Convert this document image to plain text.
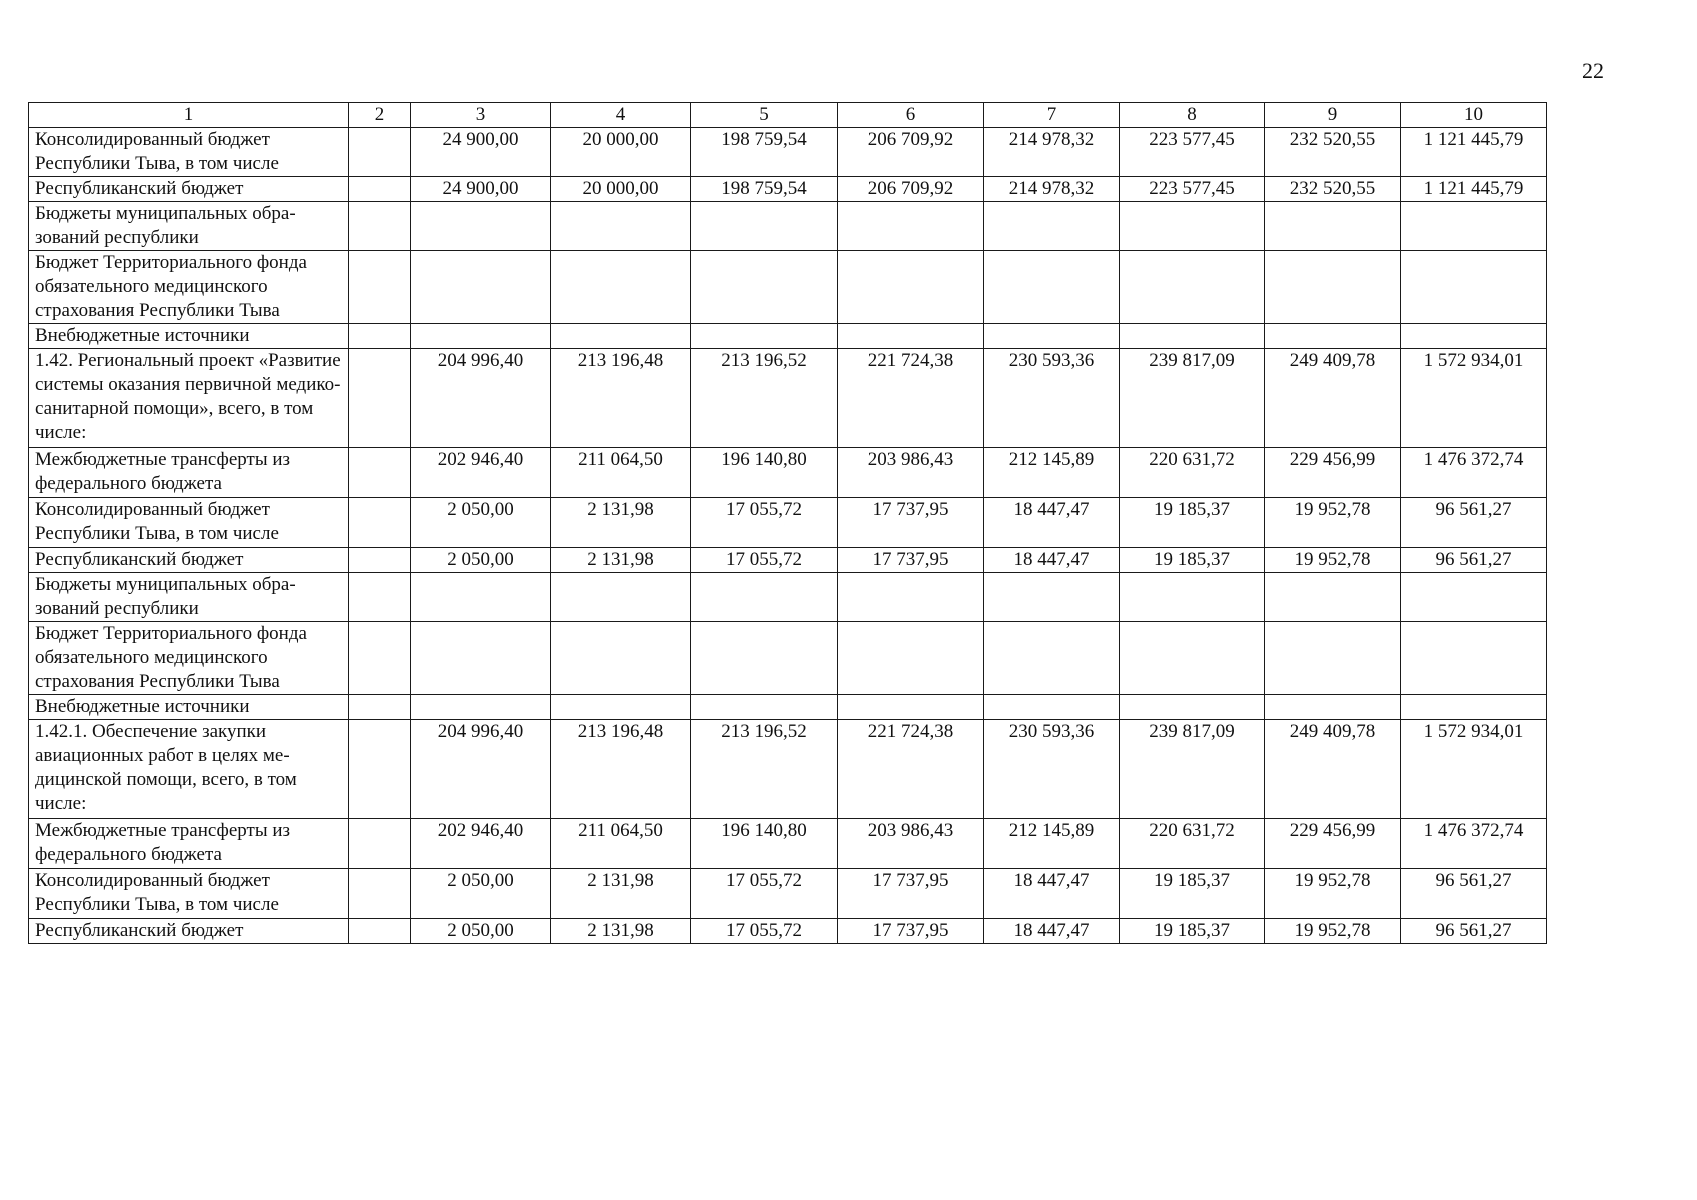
22
1	2	3	4	5	6	7	8	9	10
Консолидированный бюджет Республики Тыва, в том числе		24 900,00	20 000,00	198 759,54	206 709,92	214 978,32	223 577,45	232 520,55	1 121 445,79
Республиканский бюджет		24 900,00	20 000,00	198 759,54	206 709,92	214 978,32	223 577,45	232 520,55	1 121 445,79
Бюджеты муниципальных образований республики									
Бюджет Территориального фонда обязательного медицинского страхования Республики Тыва									
Внебюджетные источники									
1.42. Региональный проект «Развитие системы оказания первичной медико-санитарной помощи», всего, в том числе:		204 996,40	213 196,48	213 196,52	221 724,38	230 593,36	239 817,09	249 409,78	1 572 934,01
Межбюджетные трансферты из федерального бюджета		202 946,40	211 064,50	196 140,80	203 986,43	212 145,89	220 631,72	229 456,99	1 476 372,74
Консолидированный бюджет Республики Тыва, в том числе		2 050,00	2 131,98	17 055,72	17 737,95	18 447,47	19 185,37	19 952,78	96 561,27
Республиканский бюджет		2 050,00	2 131,98	17 055,72	17 737,95	18 447,47	19 185,37	19 952,78	96 561,27
Бюджеты муниципальных образований республики									
Бюджет Территориального фонда обязательного медицинского страхования Республики Тыва									
Внебюджетные источники									
1.42.1. Обеспечение закупки авиационных работ в целях медицинской помощи, всего, в том числе:		204 996,40	213 196,48	213 196,52	221 724,38	230 593,36	239 817,09	249 409,78	1 572 934,01
Межбюджетные трансферты из федерального бюджета		202 946,40	211 064,50	196 140,80	203 986,43	212 145,89	220 631,72	229 456,99	1 476 372,74
Консолидированный бюджет Республики Тыва, в том числе		2 050,00	2 131,98	17 055,72	17 737,95	18 447,47	19 185,37	19 952,78	96 561,27
Республиканский бюджет		2 050,00	2 131,98	17 055,72	17 737,95	18 447,47	19 185,37	19 952,78	96 561,27
